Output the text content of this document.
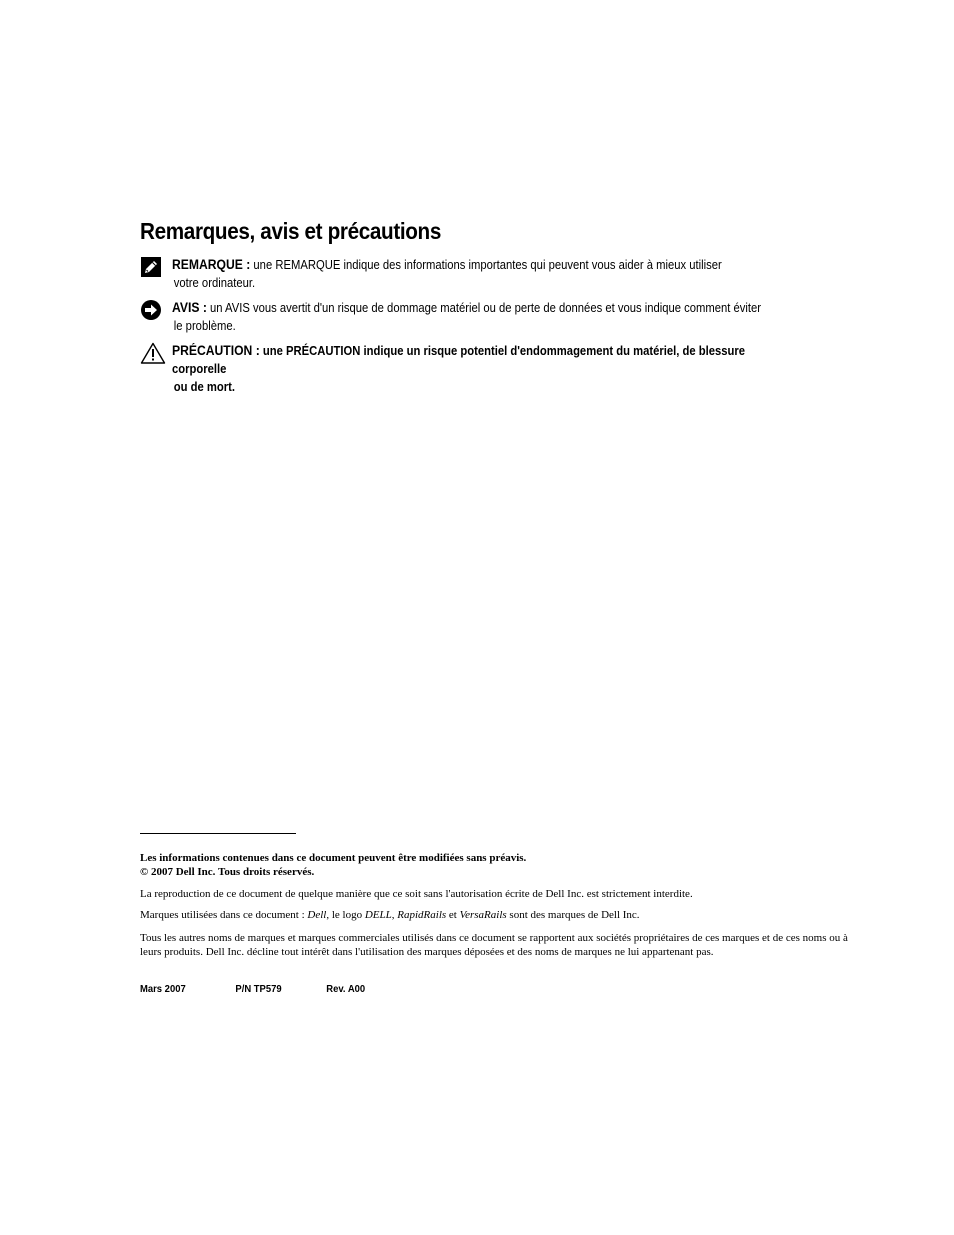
Remarques, avis et précautions
REMARQUE : une REMARQUE indique des informations importantes qui peuvent vous aider à mieux utiliser
votre ordinateur.
AVIS : un AVIS vous avertit d'un risque de dommage matériel ou de perte de données et vous indique comment éviter
le problème.
PRÉCAUTION : une PRÉCAUTION indique un risque potentiel d'endommagement du matériel, de blessure corporelle
ou de mort.

Les informations contenues dans ce document peuvent être modifiées sans préavis.
© 2007 Dell Inc. Tous droits réservés.

La reproduction de ce document de quelque manière que ce soit sans l'autorisation écrite de Dell Inc. est strictement interdite.

Marques utilisées dans ce document : Dell, le logo DELL, RapidRails et VersaRails sont des marques de Dell Inc.

Tous les autres noms de marques et marques commerciales utilisés dans ce document se rapportent aux sociétés propriétaires de ces marques et de ces noms ou à leurs produits. Dell Inc. décline tout intérêt dans l'utilisation des marques déposées et des noms de marques ne lui appartenant pas.

Mars 2007	P/N TP579	Rev. A00
